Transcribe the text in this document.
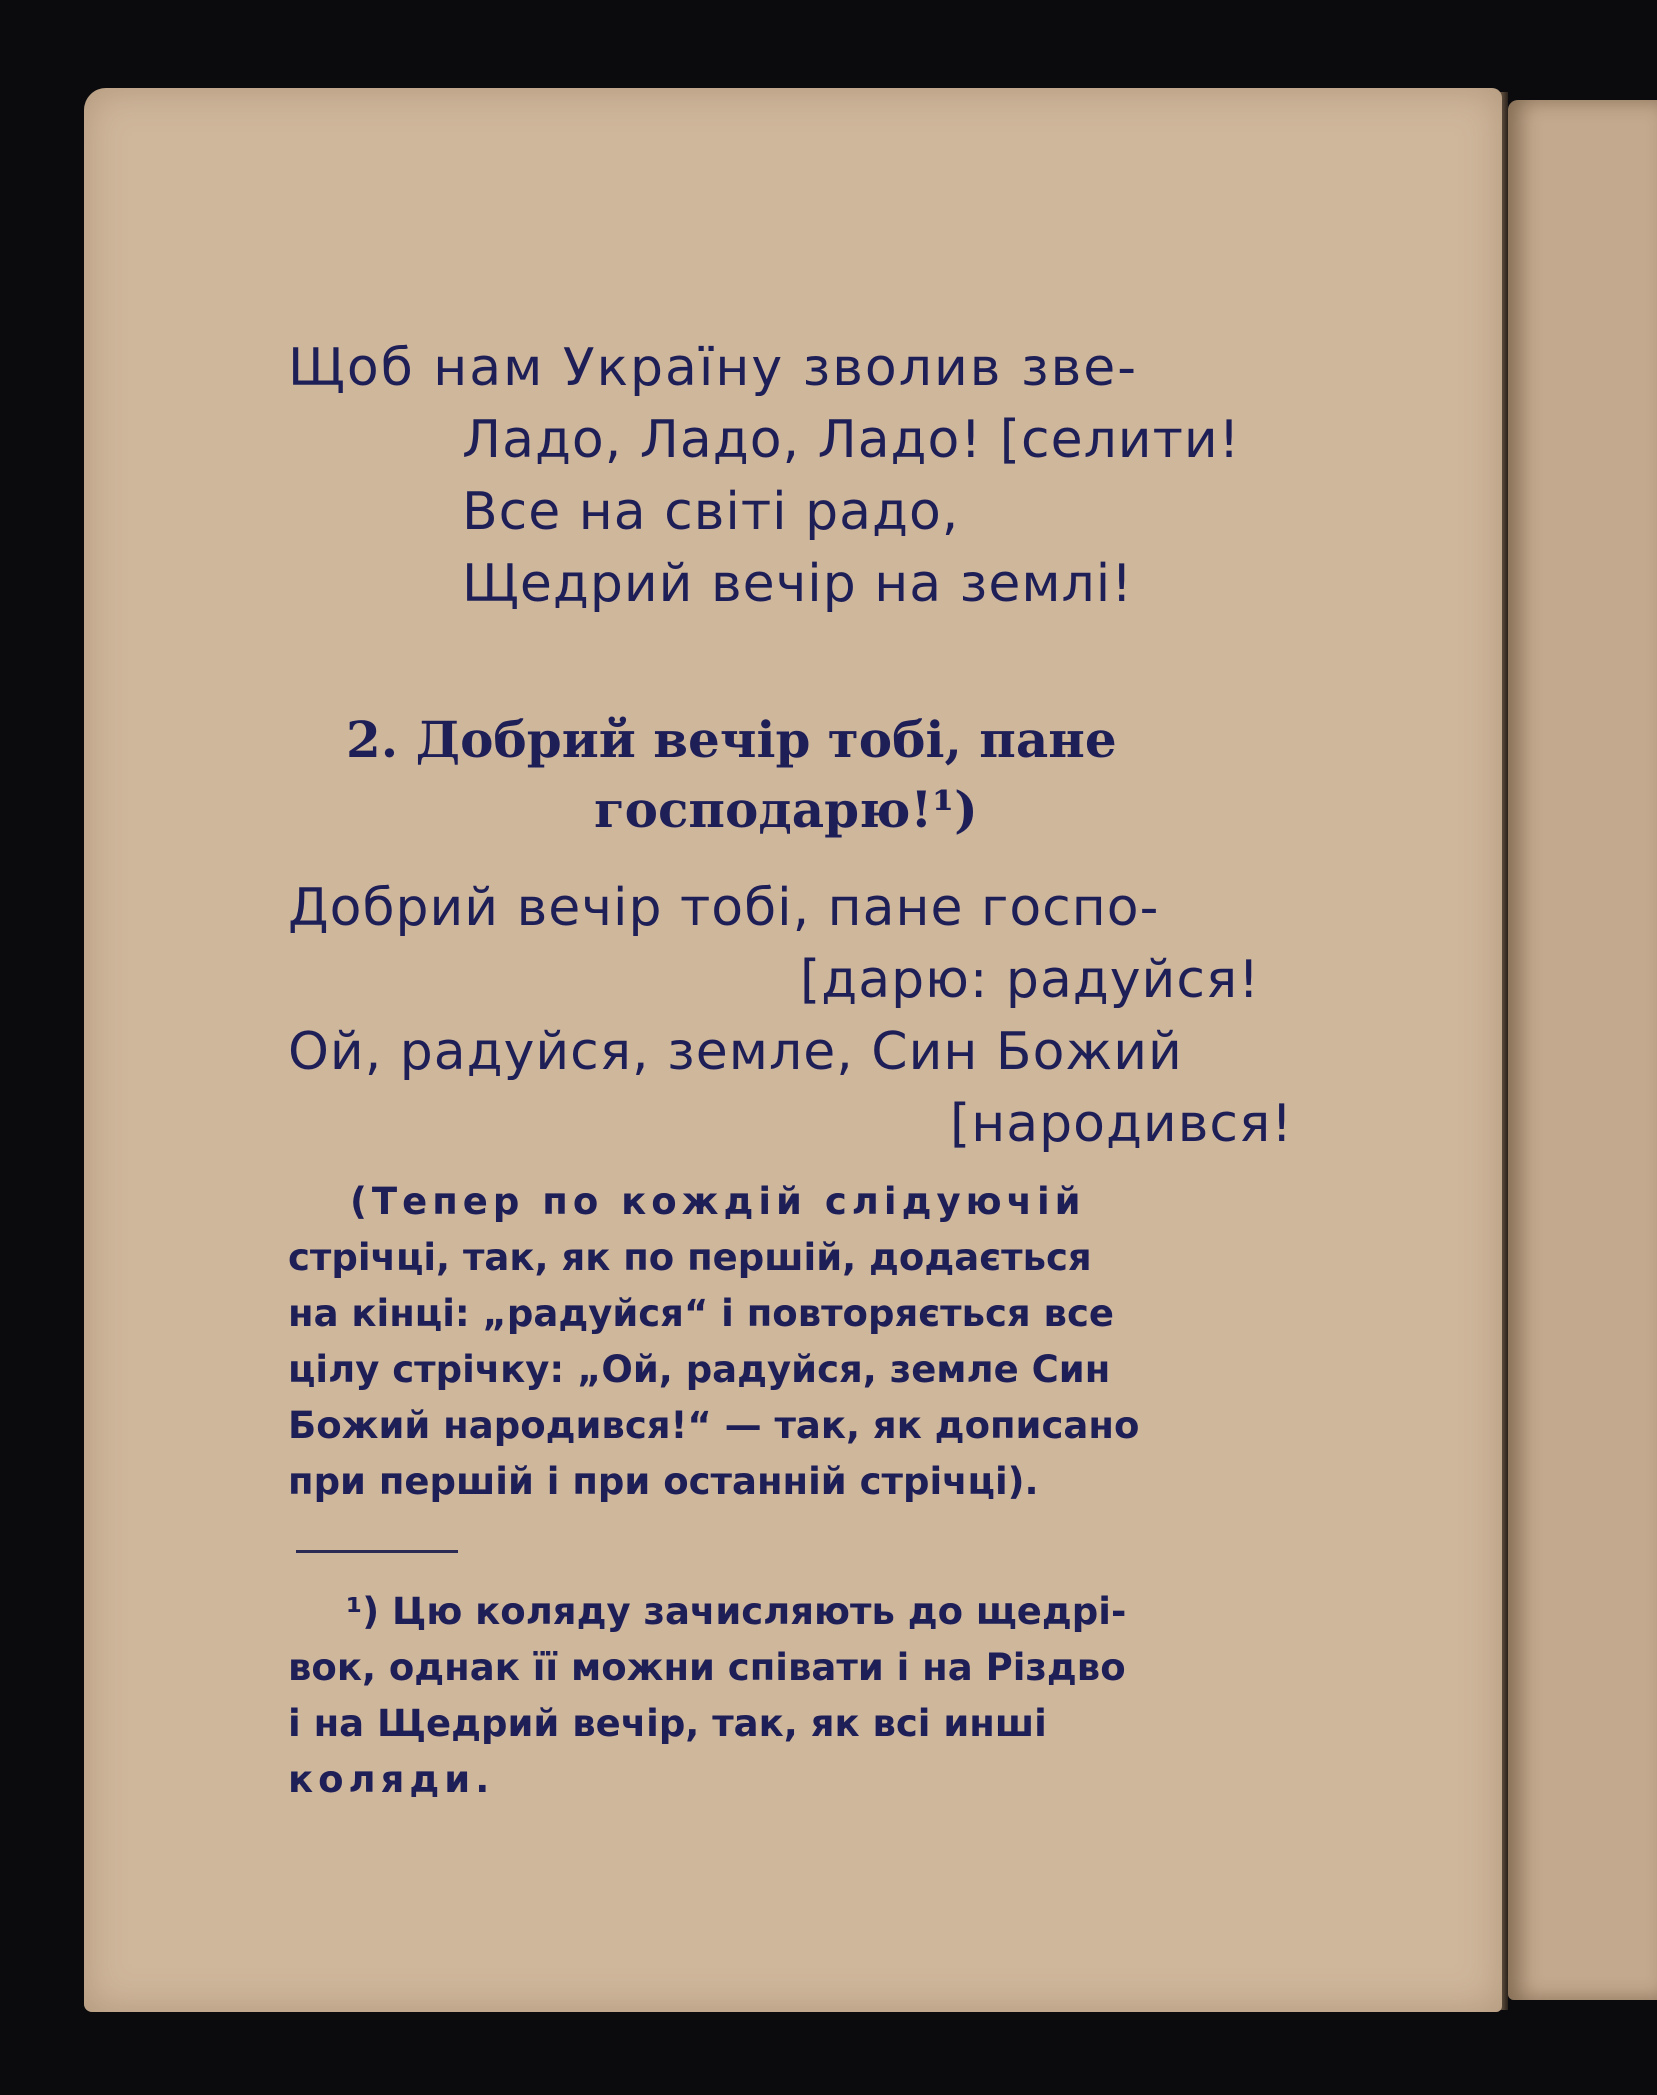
Щоб нам Україну зволив зве-
Ладо, Ладо, Ладо! [селити!
Все на світі радо,
Щедрий вечір на землі!
2. Добрий вечір тобі, пане
господарю!¹)
Добрий вечір тобі, пане госпо-
[дарю: радуйся!
Ой, радуйся, земле, Син Божий
[народився!
(Тепер по кождій слідуючій
стрічці, так, як по першій, додається
на кінці: „радуйся“ і повторяється все
цілу стрічку: „Ой, радуйся, земле Син
Божий народився!“ — так, як дописано
при першій і при останній стрічці).
¹) Цю коляду зачисляють до щедрі-
вок, однак її можни співати і на Різдво
і на Щедрий вечір, так, як всі инші
коляди.
